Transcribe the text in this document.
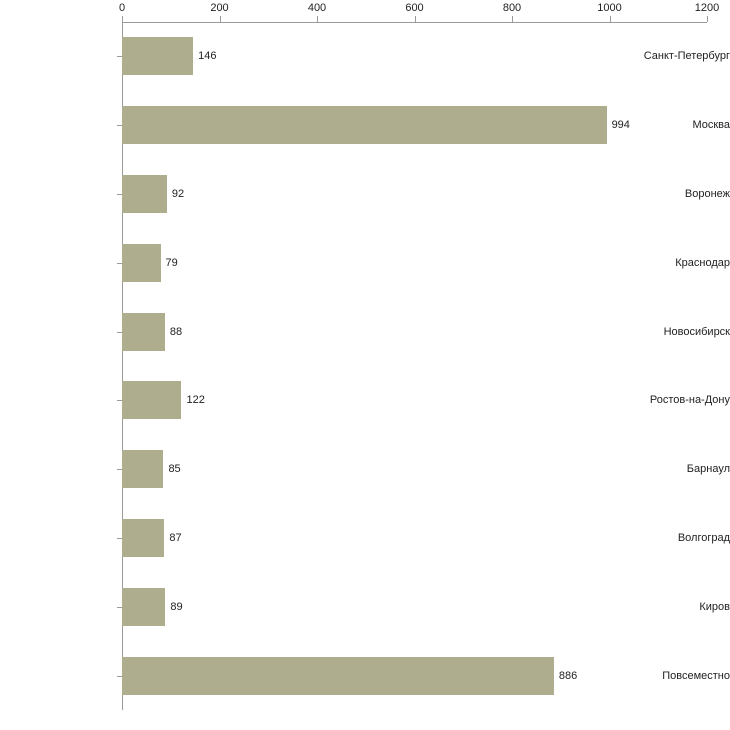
0	200	400	600	800	1000	1200
Санкт-Петербург
Москва
Воронеж
Краснодар
Новосибирск
Ростов-на-Дону
Барнаул
Волгоград
Киров
Повсеместно
146
994
92
79
88
122
85
87
89
886
